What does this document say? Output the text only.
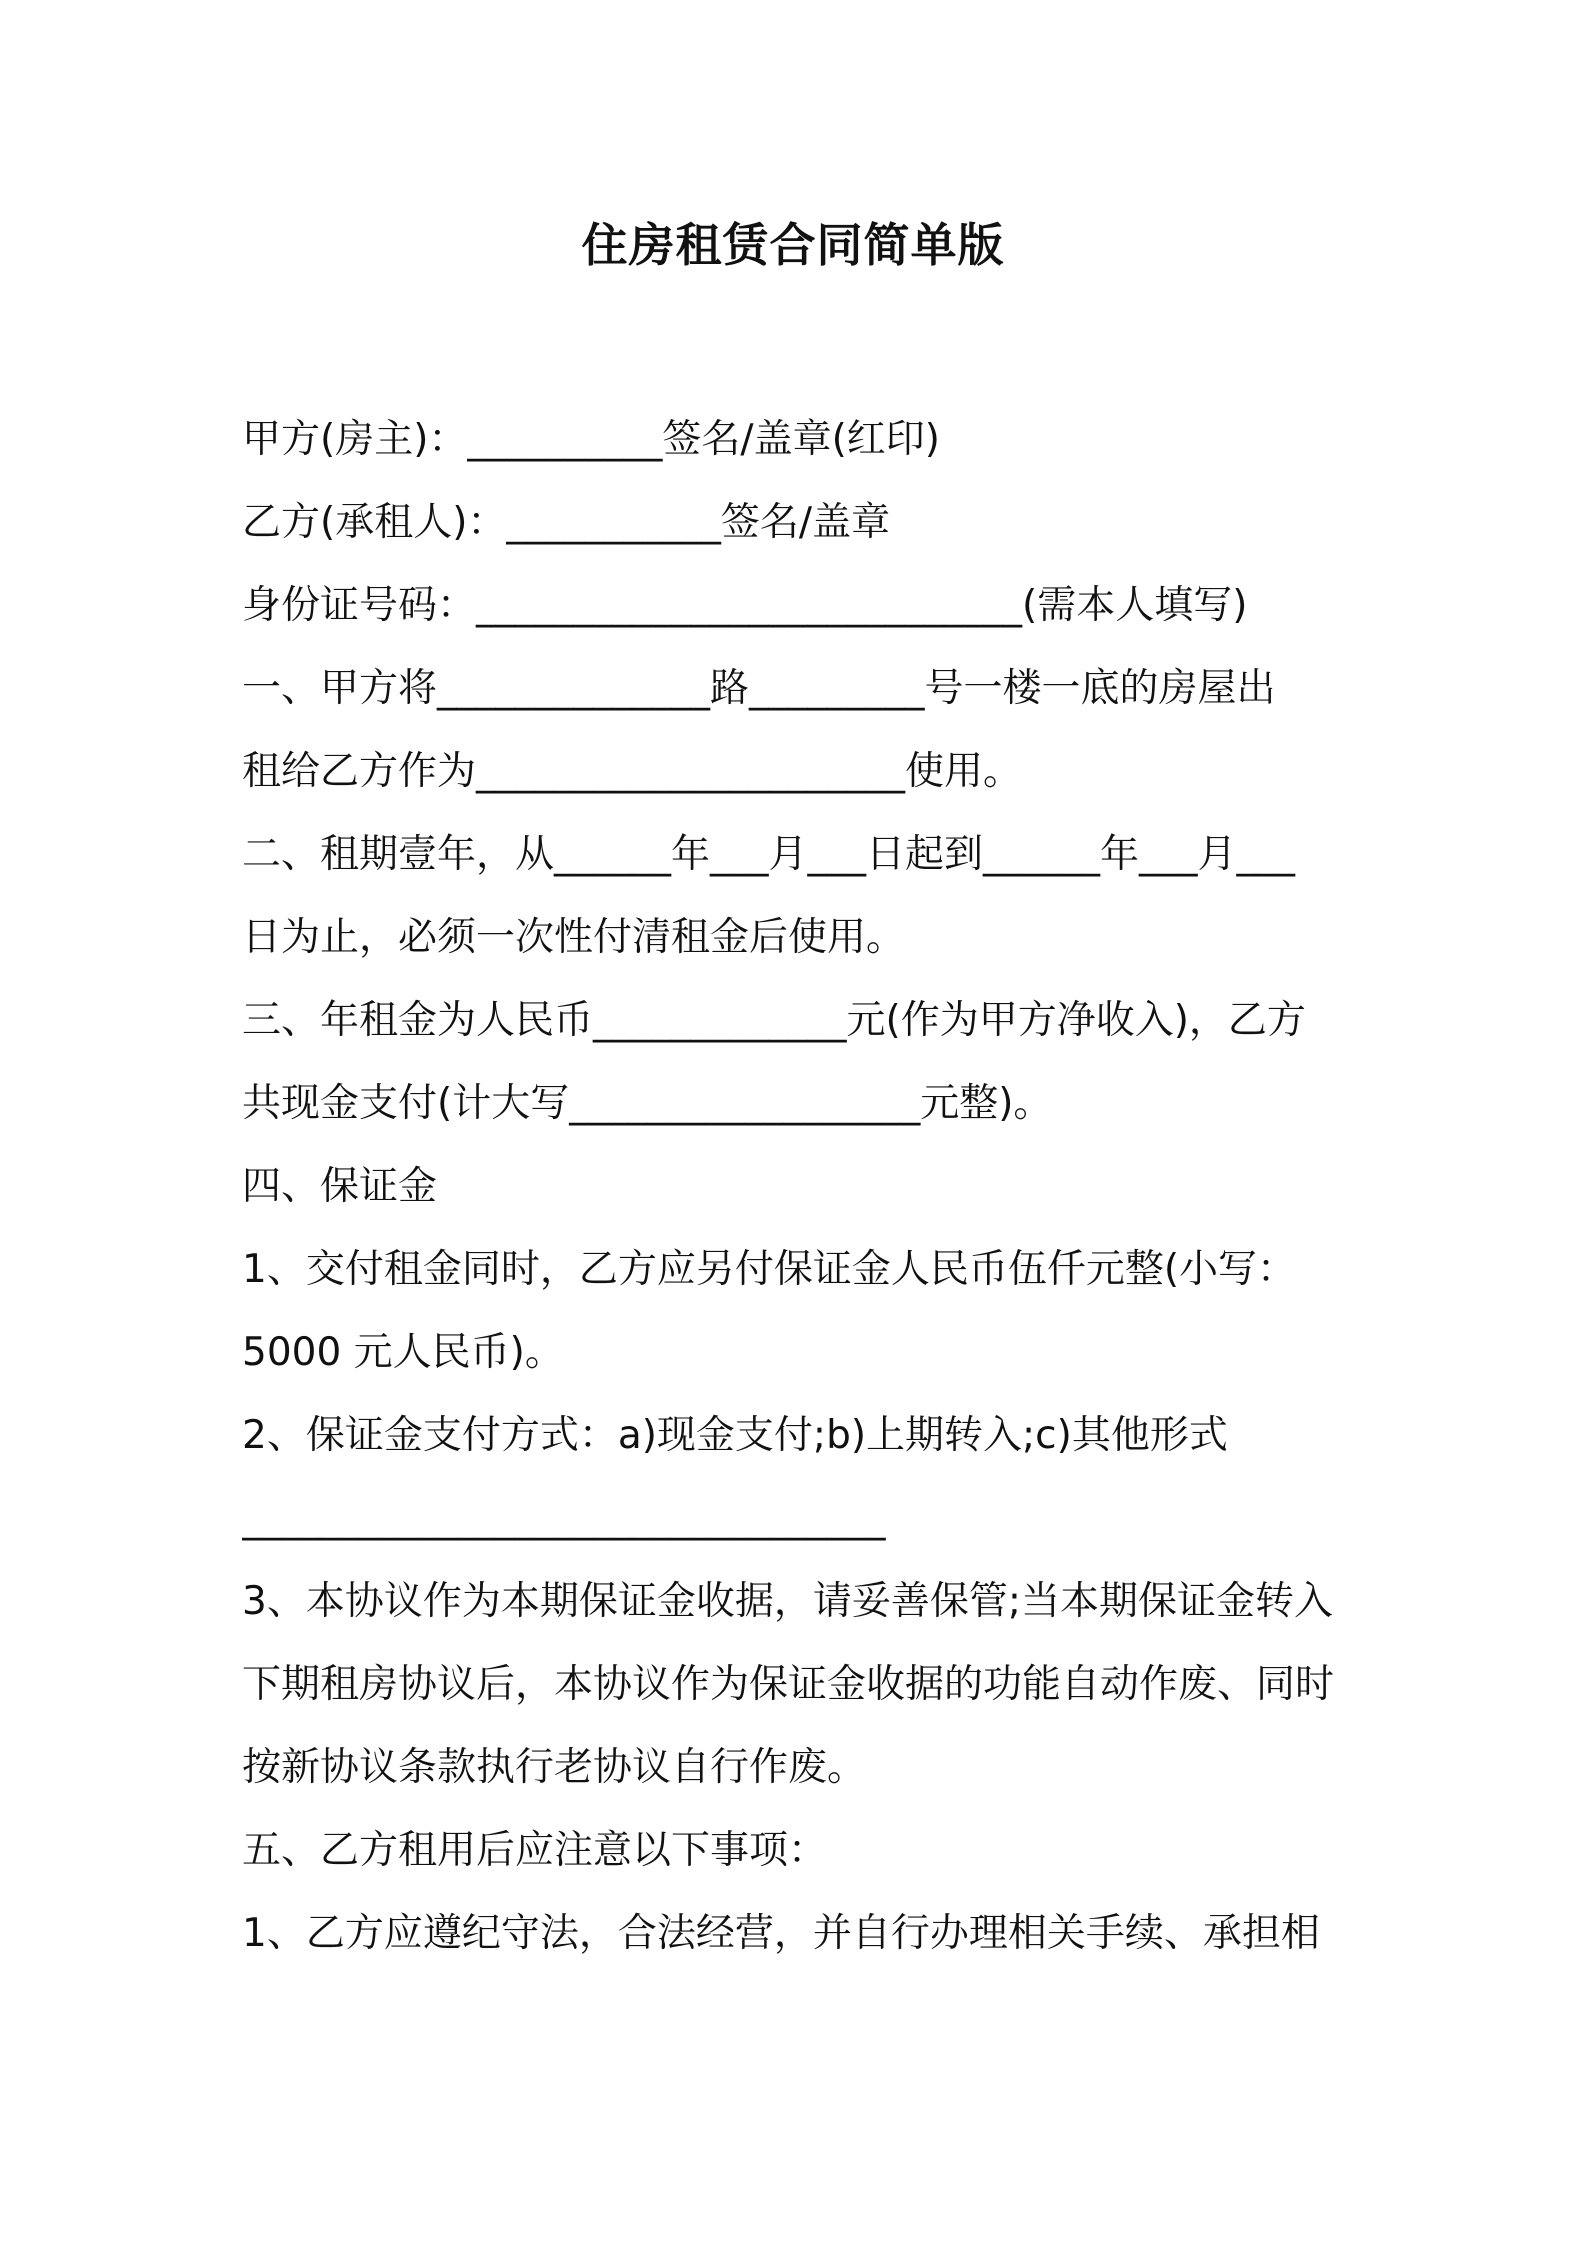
住房租赁合同简单版

甲方(房主)：__________签名/盖章(红印)

乙方(承租人)：___________签名/盖章

身份证号码：____________________________(需本人填写)

一、甲方将______________路_________号一楼一底的房屋出

租给乙方作为______________________使用。

二、租期壹年，从______年___月___日起到______年___月___

日为止，必须一次性付清租金后使用。

三、年租金为人民币_____________元(作为甲方净收入)，乙方

共现金支付(计大写__________________元整)。

四、保证金

1、交付租金同时，乙方应另付保证金人民币伍仟元整(小写：

5000 元人民币)。

2、保证金支付方式：a)现金支付;b)上期转入;c)其他形式

_________________________________

3、本协议作为本期保证金收据，请妥善保管;当本期保证金转入

下期租房协议后，本协议作为保证金收据的功能自动作废、同时

按新协议条款执行老协议自行作废。

五、乙方租用后应注意以下事项：

1、乙方应遵纪守法，合法经营，并自行办理相关手续、承担相
